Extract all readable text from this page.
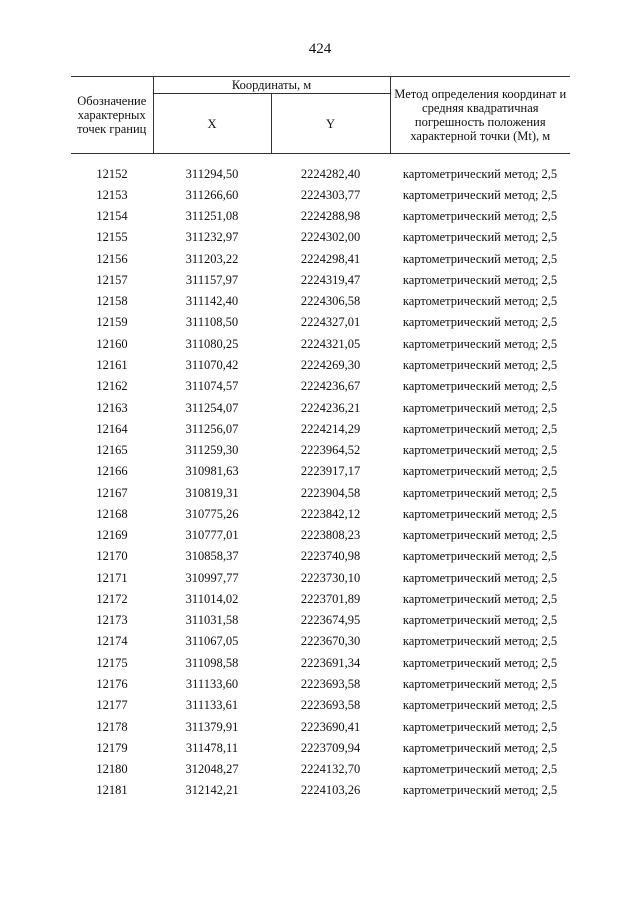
424
Обозначение характерных точек границ	Координаты, м		Метод определения координат и средняя квадратичная погрешность положения характерной точки (Mt), м
	X	Y	

12152	311294,50	2224282,40	картометрический метод; 2,5
12153	311266,60	2224303,77	картометрический метод; 2,5
12154	311251,08	2224288,98	картометрический метод; 2,5
12155	311232,97	2224302,00	картометрический метод; 2,5
12156	311203,22	2224298,41	картометрический метод; 2,5
12157	311157,97	2224319,47	картометрический метод; 2,5
12158	311142,40	2224306,58	картометрический метод; 2,5
12159	311108,50	2224327,01	картометрический метод; 2,5
12160	311080,25	2224321,05	картометрический метод; 2,5
12161	311070,42	2224269,30	картометрический метод; 2,5
12162	311074,57	2224236,67	картометрический метод; 2,5
12163	311254,07	2224236,21	картометрический метод; 2,5
12164	311256,07	2224214,29	картометрический метод; 2,5
12165	311259,30	2223964,52	картометрический метод; 2,5
12166	310981,63	2223917,17	картометрический метод; 2,5
12167	310819,31	2223904,58	картометрический метод; 2,5
12168	310775,26	2223842,12	картометрический метод; 2,5
12169	310777,01	2223808,23	картометрический метод; 2,5
12170	310858,37	2223740,98	картометрический метод; 2,5
12171	310997,77	2223730,10	картометрический метод; 2,5
12172	311014,02	2223701,89	картометрический метод; 2,5
12173	311031,58	2223674,95	картометрический метод; 2,5
12174	311067,05	2223670,30	картометрический метод; 2,5
12175	311098,58	2223691,34	картометрический метод; 2,5
12176	311133,60	2223693,58	картометрический метод; 2,5
12177	311133,61	2223693,58	картометрический метод; 2,5
12178	311379,91	2223690,41	картометрический метод; 2,5
12179	311478,11	2223709,94	картометрический метод; 2,5
12180	312048,27	2224132,70	картометрический метод; 2,5
12181	312142,21	2224103,26	картометрический метод; 2,5
